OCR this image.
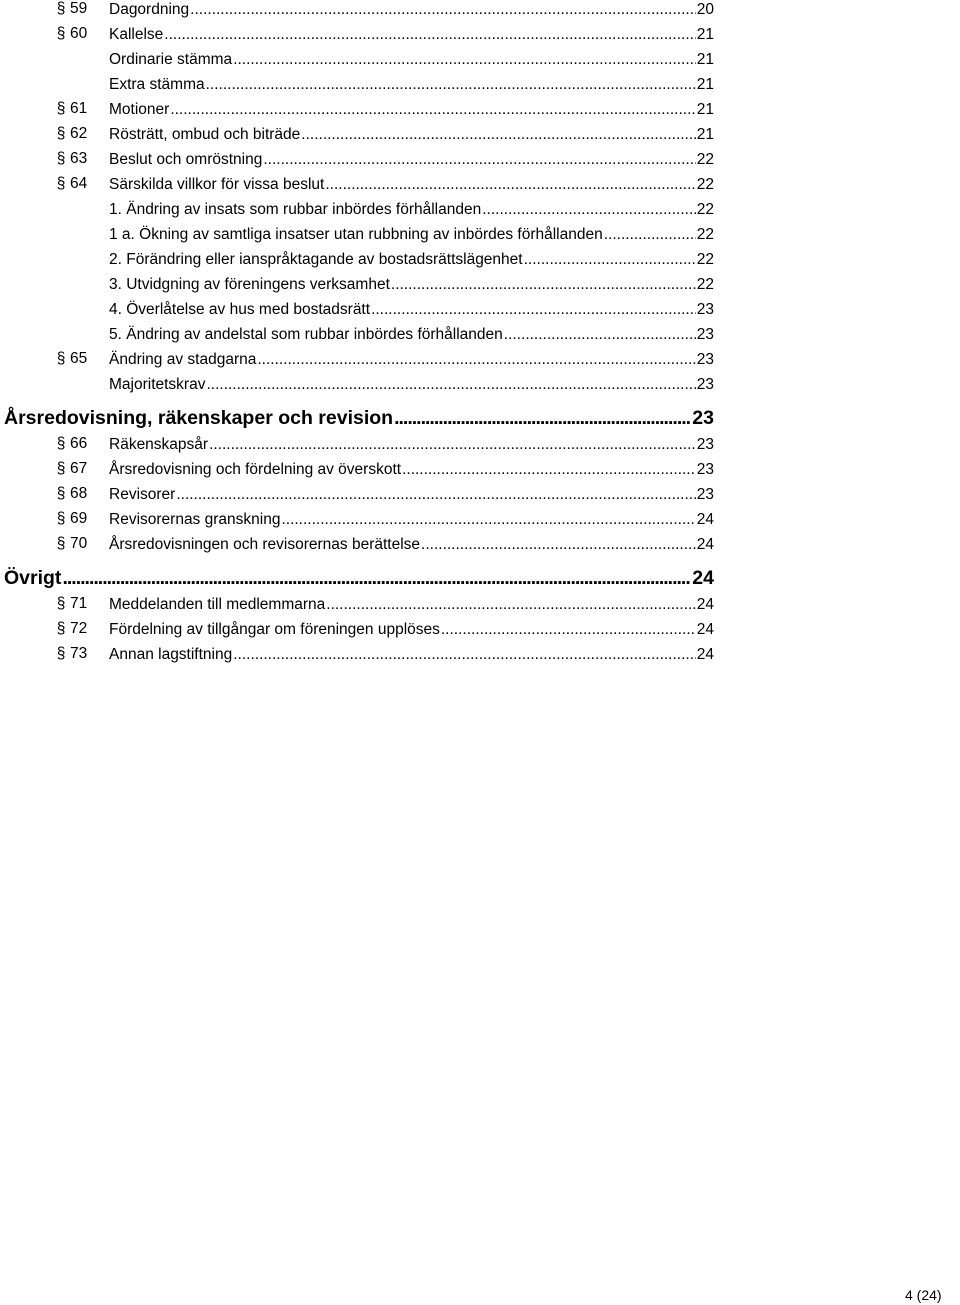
§ 59	Dagordning .....	20
§ 60	Kallelse .....	21
Ordinarie stämma .....	21
Extra stämma .....	21
§ 61	Motioner .....	21
§ 62	Rösträtt, ombud och biträde .....	21
§ 63	Beslut och omröstning .....	22
§ 64	Särskilda villkor för vissa beslut .....	22
1. Ändring av insats som rubbar inbördes förhållanden .....	22
1 a. Ökning av samtliga insatser utan rubbning av inbördes förhållanden .....	22
2. Förändring eller ianspråktagande av bostadsrättslägenhet .....	22
3. Utvidgning av föreningens verksamhet .....	22
4. Överlåtelse av hus med bostadsrätt .....	23
5. Ändring av andelstal som rubbar inbördes förhållanden .....	23
§ 65	Ändring av stadgarna .....	23
Majoritetskrav .....	23
Årsredovisning, räkenskaper och revision .....	23
§ 66	Räkenskapsår .....	23
§ 67	Årsredovisning och fördelning av överskott .....	23
§ 68	Revisorer .....	23
§ 69	Revisorernas granskning .....	24
§ 70	Årsredovisningen och revisorernas berättelse .....	24
Övrigt .....	24
§ 71	Meddelanden till medlemmarna .....	24
§ 72	Fördelning av tillgångar om föreningen upplöses .....	24
§ 73	Annan lagstiftning .....	24
4 (24)
